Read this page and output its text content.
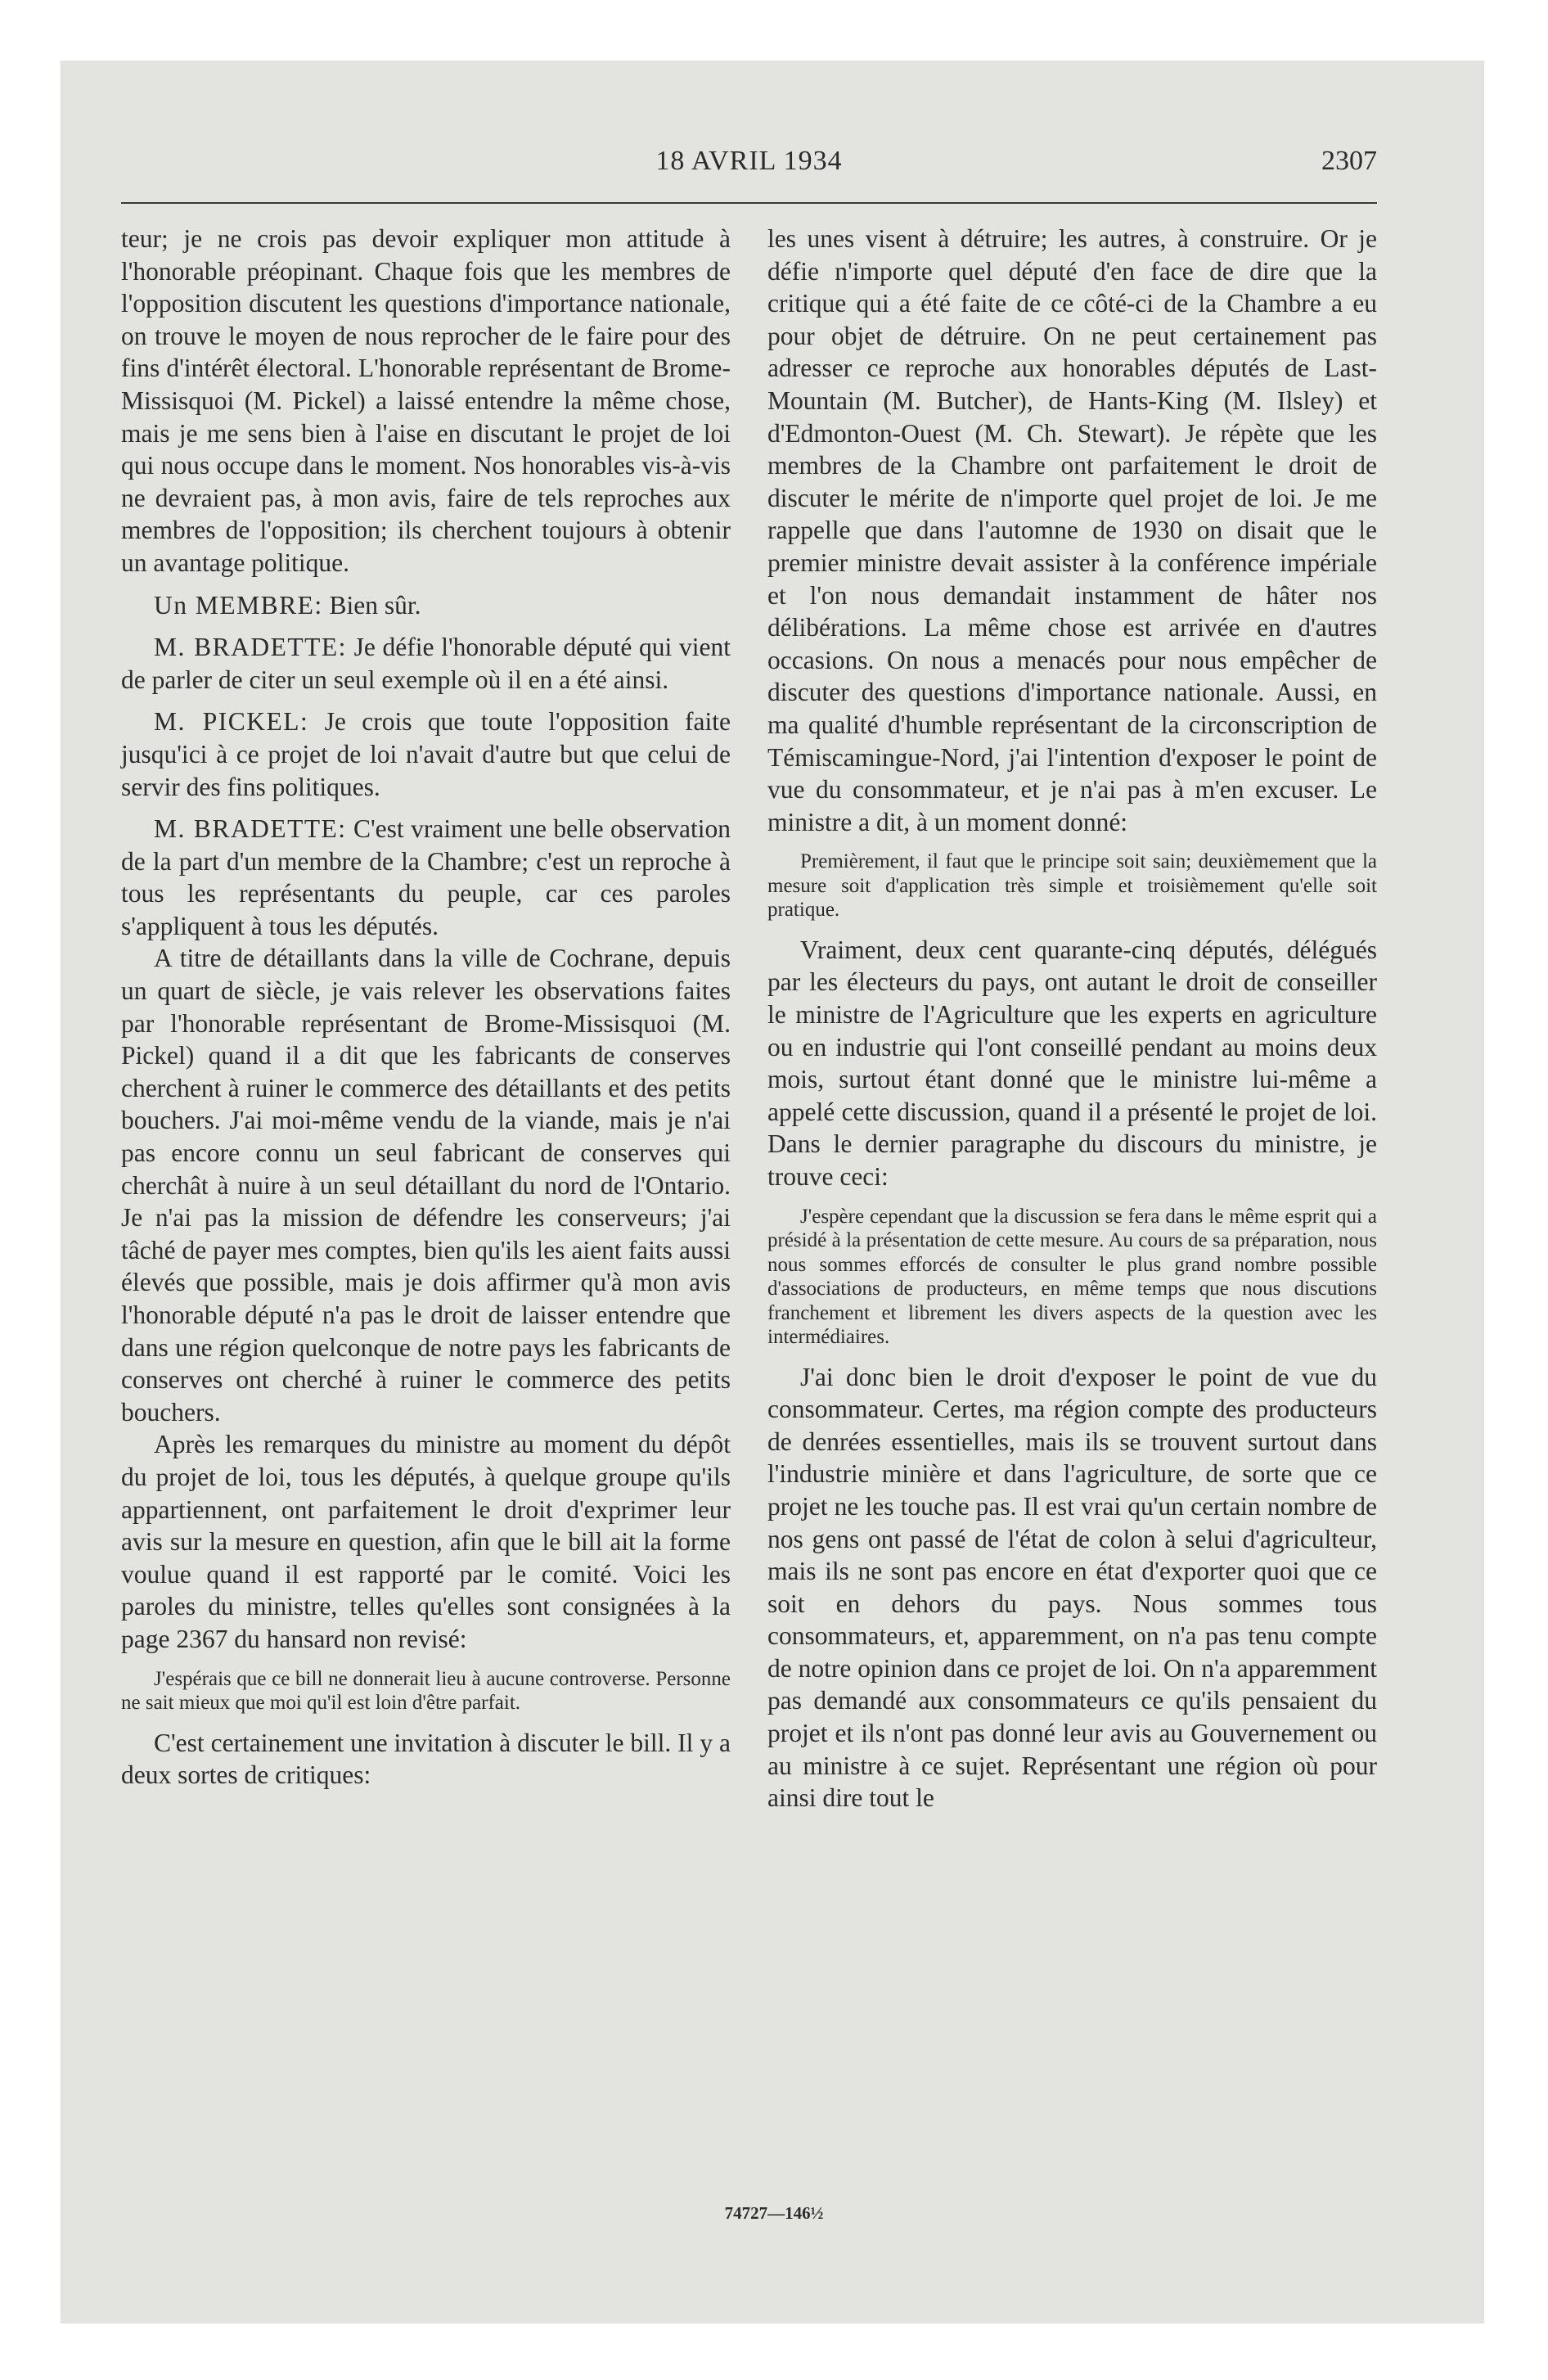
18 AVRIL 1934	2307

teur; je ne crois pas devoir expliquer mon attitude à l'honorable préopinant. Chaque fois que les membres de l'opposition discutent les questions d'importance nationale, on trouve le moyen de nous reprocher de le faire pour des fins d'intérêt électoral. L'honorable représentant de Brome-Missisquoi (M. Pickel) a laissé entendre la même chose, mais je me sens bien à l'aise en discutant le projet de loi qui nous occupe dans le moment. Nos honorables vis-à-vis ne devraient pas, à mon avis, faire de tels reproches aux membres de l'opposition; ils cherchent toujours à obtenir un avantage politique.

Un MEMBRE: Bien sûr.

M. BRADETTE: Je défie l'honorable député qui vient de parler de citer un seul exemple où il en a été ainsi.

M. PICKEL: Je crois que toute l'opposition faite jusqu'ici à ce projet de loi n'avait d'autre but que celui de servir des fins politiques.

M. BRADETTE: C'est vraiment une belle observation de la part d'un membre de la Chambre; c'est un reproche à tous les représentants du peuple, car ces paroles s'appliquent à tous les députés.

A titre de détaillants dans la ville de Cochrane, depuis un quart de siècle, je vais relever les observations faites par l'honorable représentant de Brome-Missisquoi (M. Pickel) quand il a dit que les fabricants de conserves cherchent à ruiner le commerce des détaillants et des petits bouchers. J'ai moi-même vendu de la viande, mais je n'ai pas encore connu un seul fabricant de conserves qui cherchât à nuire à un seul détaillant du nord de l'Ontario. Je n'ai pas la mission de défendre les conserveurs; j'ai tâché de payer mes comptes, bien qu'ils les aient faits aussi élevés que possible, mais je dois affirmer qu'à mon avis l'honorable député n'a pas le droit de laisser entendre que dans une région quelconque de notre pays les fabricants de conserves ont cherché à ruiner le commerce des petits bouchers.

Après les remarques du ministre au moment du dépôt du projet de loi, tous les députés, à quelque groupe qu'ils appartiennent, ont parfaitement le droit d'exprimer leur avis sur la mesure en question, afin que le bill ait la forme voulue quand il est rapporté par le comité. Voici les paroles du ministre, telles qu'elles sont consignées à la page 2367 du hansard non revisé:

J'espérais que ce bill ne donnerait lieu à aucune controverse. Personne ne sait mieux que moi qu'il est loin d'être parfait.

C'est certainement une invitation à discuter le bill. Il y a deux sortes de critiques:

les unes visent à détruire; les autres, à construire. Or je défie n'importe quel député d'en face de dire que la critique qui a été faite de ce côté-ci de la Chambre a eu pour objet de détruire. On ne peut certainement pas adresser ce reproche aux honorables députés de Last-Mountain (M. Butcher), de Hants-King (M. Ilsley) et d'Edmonton-Ouest (M. Ch. Stewart). Je répète que les membres de la Chambre ont parfaitement le droit de discuter le mérite de n'importe quel projet de loi. Je me rappelle que dans l'automne de 1930 on disait que le premier ministre devait assister à la conférence impériale et l'on nous demandait instamment de hâter nos délibérations. La même chose est arrivée en d'autres occasions. On nous a menacés pour nous empêcher de discuter des questions d'importance nationale. Aussi, en ma qualité d'humble représentant de la circonscription de Témiscamingue-Nord, j'ai l'intention d'exposer le point de vue du consommateur, et je n'ai pas à m'en excuser. Le ministre a dit, à un moment donné:

Premièrement, il faut que le principe soit sain; deuxièmement que la mesure soit d'application très simple et troisièmement qu'elle soit pratique.

Vraiment, deux cent quarante-cinq députés, délégués par les électeurs du pays, ont autant le droit de conseiller le ministre de l'Agriculture que les experts en agriculture ou en industrie qui l'ont conseillé pendant au moins deux mois, surtout étant donné que le ministre lui-même a appelé cette discussion, quand il a présenté le projet de loi. Dans le dernier paragraphe du discours du ministre, je trouve ceci:

J'espère cependant que la discussion se fera dans le même esprit qui a présidé à la présentation de cette mesure. Au cours de sa préparation, nous nous sommes efforcés de consulter le plus grand nombre possible d'associations de producteurs, en même temps que nous discutions franchement et librement les divers aspects de la question avec les intermédiaires.

J'ai donc bien le droit d'exposer le point de vue du consommateur. Certes, ma région compte des producteurs de denrées essentielles, mais ils se trouvent surtout dans l'industrie minière et dans l'agriculture, de sorte que ce projet ne les touche pas. Il est vrai qu'un certain nombre de nos gens ont passé de l'état de colon à selui d'agriculteur, mais ils ne sont pas encore en état d'exporter quoi que ce soit en dehors du pays. Nous sommes tous consommateurs, et, apparemment, on n'a pas tenu compte de notre opinion dans ce projet de loi. On n'a apparemment pas demandé aux consommateurs ce qu'ils pensaient du projet et ils n'ont pas donné leur avis au Gouvernement ou au ministre à ce sujet. Représentant une région où pour ainsi dire tout le

74727—146½
